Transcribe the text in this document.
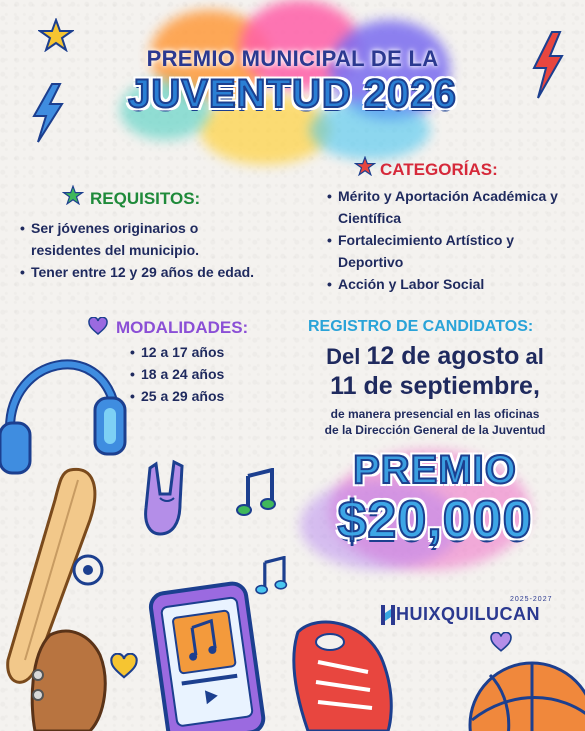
PREMIO MUNICIPAL DE LA
JUVENTUD 2026
REQUISITOS:
• Ser jóvenes originarios o residentes del municipio.
• Tener entre 12 y 29 años de edad.
CATEGORÍAS:
• Mérito y Aportación Académica y Científica
• Fortalecimiento Artístico y Deportivo
• Acción y Labor Social
MODALIDADES:
• 12 a 17 años
• 18 a 24 años
• 25 a 29 años
REGISTRO DE CANDIDATOS:
Del 12 de agosto al
11 de septiembre,
de manera presencial en las oficinas
de la Dirección General de la Juventud
PREMIO
$20,000
2025-2027
HUIXQUILUCAN
